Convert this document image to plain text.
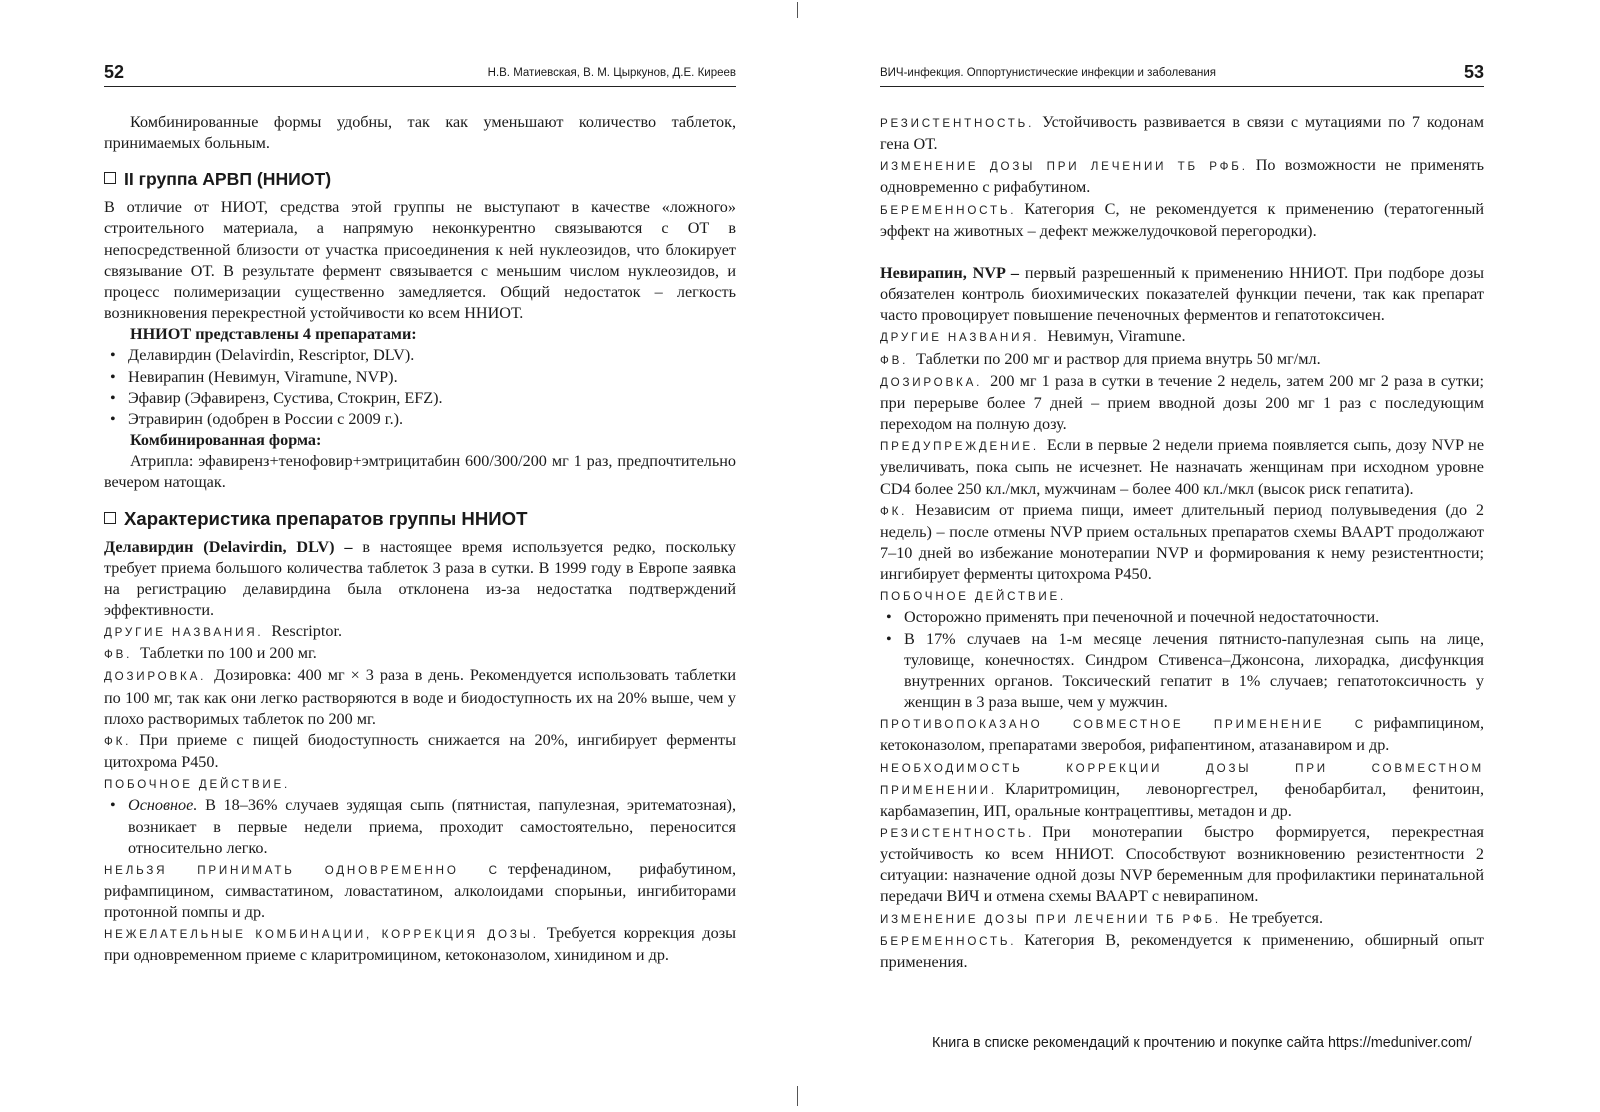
52	Н.В. Матиевская, В. М. Цыркунов, Д.Е. Киреев

Комбинированные формы удобны, так как уменьшают количество таблеток, принимаемых больным.

II группа АРВП (ННИОТ)

В отличие от НИОТ, средства этой группы не выступают в качестве «ложного» строительного материала, а напрямую неконкурентно связываются с ОТ в непосредственной близости от участка присоединения к ней нуклеозидов, что блокирует связывание ОТ. В результате фермент связывается с меньшим числом нуклеозидов, и процесс полимеризации существенно замедляется. Общий недостаток – легкость возникновения перекрестной устойчивости ко всем ННИОТ.

ННИОТ представлены 4 препаратами:

• Делавирдин (Delavirdin, Rescriptor, DLV).
• Невирапин (Невимун, Viramune, NVP).
• Эфавир (Эфавиренз, Сустива, Стокрин, EFZ).
• Этравирин (одобрен в России с 2009 г.).

Комбинированная форма:

Атрипла: эфавиренз+тенофовир+эмтрицитабин 600/300/200 мг 1 раз, предпочтительно вечером натощак.

Характеристика препаратов группы ННИОТ

Делавирдин (Delavirdin, DLV) – в настоящее время используется редко, поскольку требует приема большого количества таблеток 3 раза в сутки. В 1999 году в Европе заявка на регистрацию делавирдина была отклонена из-за недостатка подтверждений эффективности.

ДРУГИЕ НАЗВАНИЯ. Rescriptor.

ФВ. Таблетки по 100 и 200 мг.

ДОЗИРОВКА. Дозировка: 400 мг × 3 раза в день. Рекомендуется использовать таблетки по 100 мг, так как они легко растворяются в воде и биодоступность их на 20% выше, чем у плохо растворимых таблеток по 200 мг.

ФК. При приеме с пищей биодоступность снижается на 20%, ингибирует ферменты цитохрома Р450.

ПОБОЧНОЕ ДЕЙСТВИЕ.

• Основное. В 18–36% случаев зудящая сыпь (пятнистая, папулезная, эритематозная), возникает в первые недели приема, проходит самостоятельно, переносится относительно легко.

НЕЛЬЗЯ ПРИНИМАТЬ ОДНОВРЕМЕННО С терфенадином, рифабутином, рифампицином, симвастатином, ловастатином, алколоидами спорыньи, ингибиторами протонной помпы и др.

НЕЖЕЛАТЕЛЬНЫЕ КОМБИНАЦИИ, КОРРЕКЦИЯ ДОЗЫ. Требуется коррекция дозы при одновременном приеме с кларитромицином, кетоконазолом, хинидином и др.

ВИЧ-инфекция. Оппортунистические инфекции и заболевания	53

РЕЗИСТЕНТНОСТЬ. Устойчивость развивается в связи с мутациями по 7 кодонам гена ОТ.

ИЗМЕНЕНИЕ ДОЗЫ ПРИ ЛЕЧЕНИИ ТБ РФБ. По возможности не применять одновременно с рифабутином.

БЕРЕМЕННОСТЬ. Категория С, не рекомендуется к применению (тератогенный эффект на животных – дефект межжелудочковой перегородки).

Невирапин, NVP – первый разрешенный к применению ННИОТ. При подборе дозы обязателен контроль биохимических показателей функции печени, так как препарат часто провоцирует повышение печеночных ферментов и гепатотоксичен.

ДРУГИЕ НАЗВАНИЯ. Невимун, Viramune.

ФВ. Таблетки по 200 мг и раствор для приема внутрь 50 мг/мл.

ДОЗИРОВКА. 200 мг 1 раза в сутки в течение 2 недель, затем 200 мг 2 раза в сутки; при перерыве более 7 дней – прием вводной дозы 200 мг 1 раз с последующим переходом на полную дозу.

ПРЕДУПРЕЖДЕНИЕ. Если в первые 2 недели приема появляется сыпь, дозу NVP не увеличивать, пока сыпь не исчезнет. Не назначать женщинам при исходном уровне CD4 более 250 кл./мкл, мужчинам – более 400 кл./мкл (высок риск гепатита).

ФК. Независим от приема пищи, имеет длительный период полувыведения (до 2 недель) – после отмены NVP прием остальных препаратов схемы ВААРТ продолжают 7–10 дней во избежание монотерапии NVP и формирования к нему резистентности; ингибирует ферменты цитохрома Р450.

ПОБОЧНОЕ ДЕЙСТВИЕ.

• Осторожно применять при печеночной и почечной недостаточности.
• В 17% случаев на 1-м месяце лечения пятнисто-папулезная сыпь на лице, туловище, конечностях. Синдром Стивенса–Джонсона, лихорадка, дисфункция внутренних органов. Токсический гепатит в 1% случаев; гепатотоксичность у женщин в 3 раза выше, чем у мужчин.

ПРОТИВОПОКАЗАНО СОВМЕСТНОЕ ПРИМЕНЕНИЕ С рифампицином, кетоконазолом, препаратами зверобоя, рифапентином, атазанавиром и др.

НЕОБХОДИМОСТЬ КОРРЕКЦИИ ДОЗЫ ПРИ СОВМЕСТНОМ ПРИМЕНЕНИИ. Кларитромицин, левоноргестрел, фенобарбитал, фенитоин, карбамазепин, ИП, оральные контрацептивы, метадон и др.

РЕЗИСТЕНТНОСТЬ. При монотерапии быстро формируется, перекрестная устойчивость ко всем ННИОТ. Способствуют возникновению резистентности 2 ситуации: назначение одной дозы NVP беременным для профилактики перинатальной передачи ВИЧ и отмена схемы ВААРТ с невирапином.

ИЗМЕНЕНИЕ ДОЗЫ ПРИ ЛЕЧЕНИИ ТБ РФБ. Не требуется.

БЕРЕМЕННОСТЬ. Категория В, рекомендуется к применению, обширный опыт применения.

Книга в списке рекомендаций к прочтению и покупке сайта https://meduniver.com/
